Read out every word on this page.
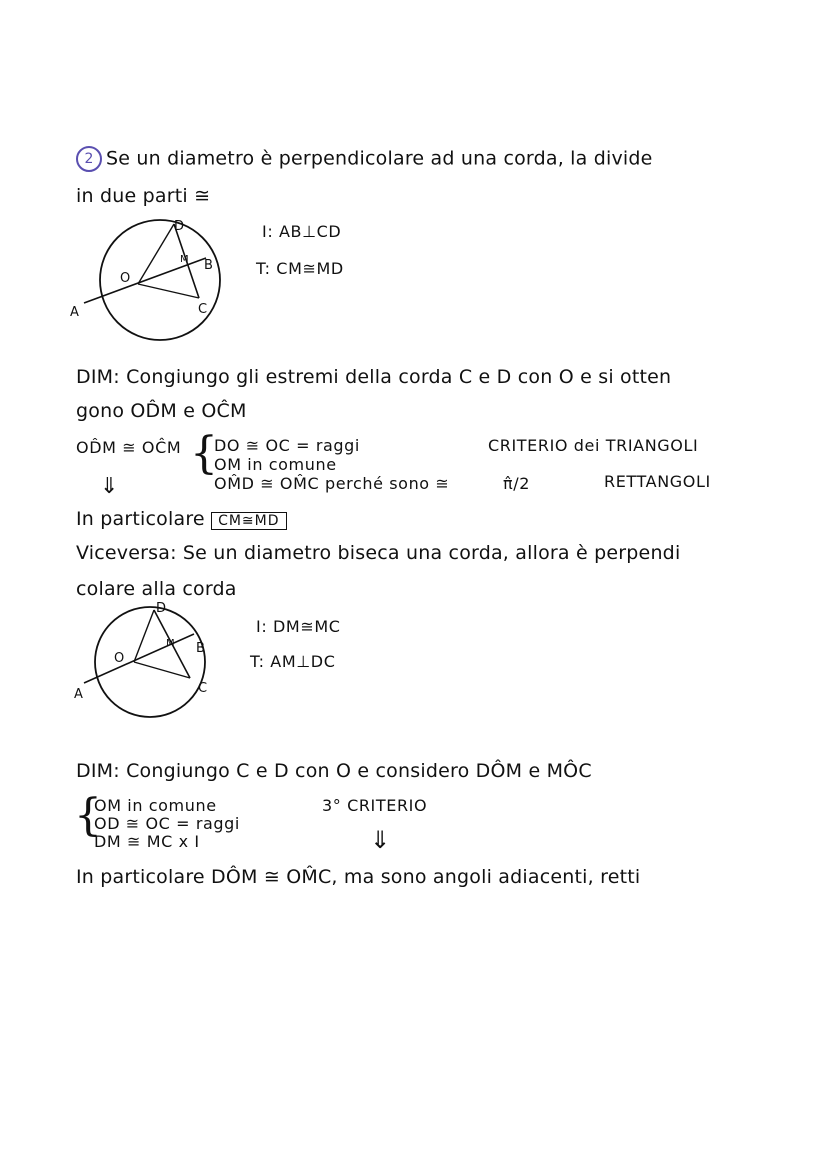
2 Se un diametro è perpendicolare ad una corda, la divide
in due parti ≅
D
M B
O
C
A
I: AB⊥CD
T: CM≅MD
DIM: Congiungo gli estremi della corda C e D con O e si otten
gono OD̂M e OĈM
OD̂M ≅ OĈM {
DO ≅ OC = raggi
OM in comune
OM̂D ≅ OM̂C perché sono ≅	π̂/2
CRITERIO dei TRIANGOLI
RETTANGOLI
⇓
In particolare CM≅MD
Viceversa: Se un diametro biseca una corda, allora è perpendi
colare alla corda
D
M B
O
C
A
I: DM≅MC
T: AM⊥DC
DIM: Congiungo C e D con O e considero DÔM e MÔC
{
OM in comune
OD ≅ OC = raggi
DM ≅ MC x I
3° CRITERIO
⇓
In particolare DÔM ≅ OM̂C, ma sono angoli adiacenti, retti
